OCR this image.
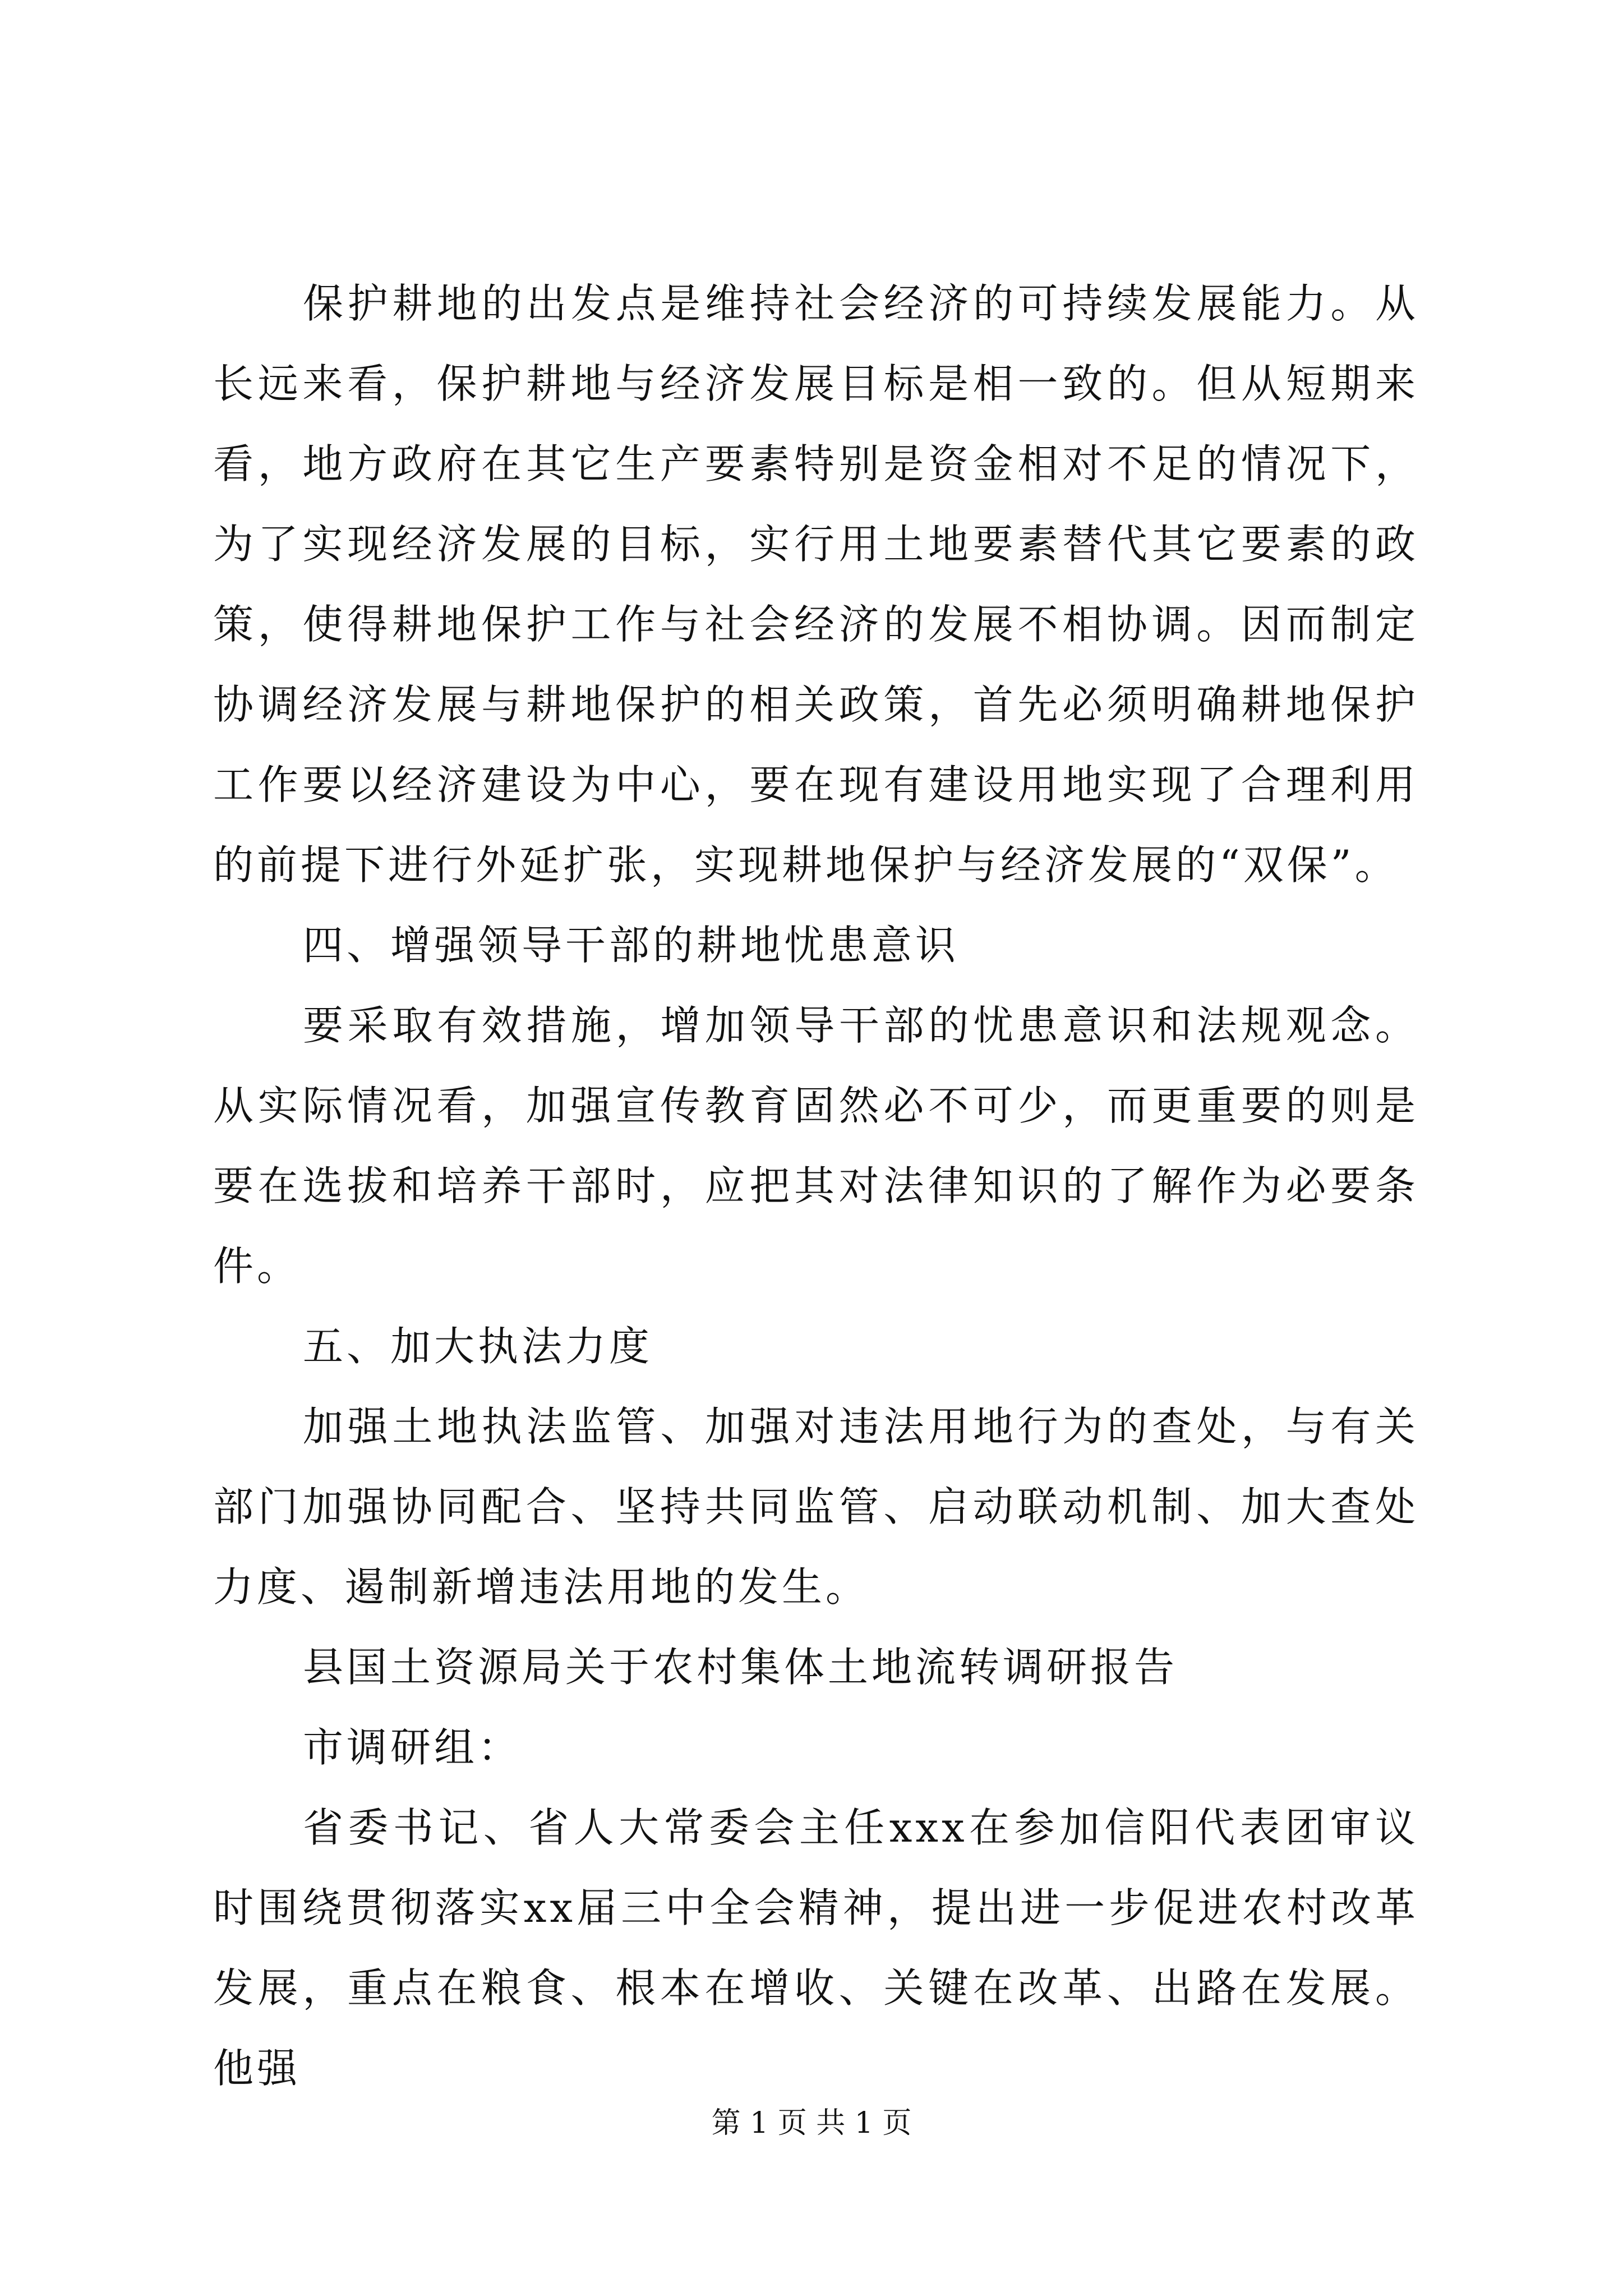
保护耕地的出发点是维持社会经济的可持续发展能力。从长远来看，保护耕地与经济发展目标是相一致的。但从短期来看，地方政府在其它生产要素特别是资金相对不足的情况下，为了实现经济发展的目标，实行用土地要素替代其它要素的政策，使得耕地保护工作与社会经济的发展不相协调。因而制定协调经济发展与耕地保护的相关政策，首先必须明确耕地保护工作要以经济建设为中心，要在现有建设用地实现了合理利用的前提下进行外延扩张，实现耕地保护与经济发展的“双保”。

四、增强领导干部的耕地忧患意识

要采取有效措施，增加领导干部的忧患意识和法规观念。从实际情况看，加强宣传教育固然必不可少，而更重要的则是要在选拔和培养干部时，应把其对法律知识的了解作为必要条件。

五、加大执法力度

加强土地执法监管、加强对违法用地行为的查处，与有关部门加强协同配合、坚持共同监管、启动联动机制、加大查处力度、遏制新增违法用地的发生。

县国土资源局关于农村集体土地流转调研报告

市调研组：

省委书记、省人大常委会主任xxx在参加信阳代表团审议时围绕贯彻落实xx届三中全会精神，提出进一步促进农村改革发展，重点在粮食、根本在增收、关键在改革、出路在发展。他强

第 1 页 共 1 页
